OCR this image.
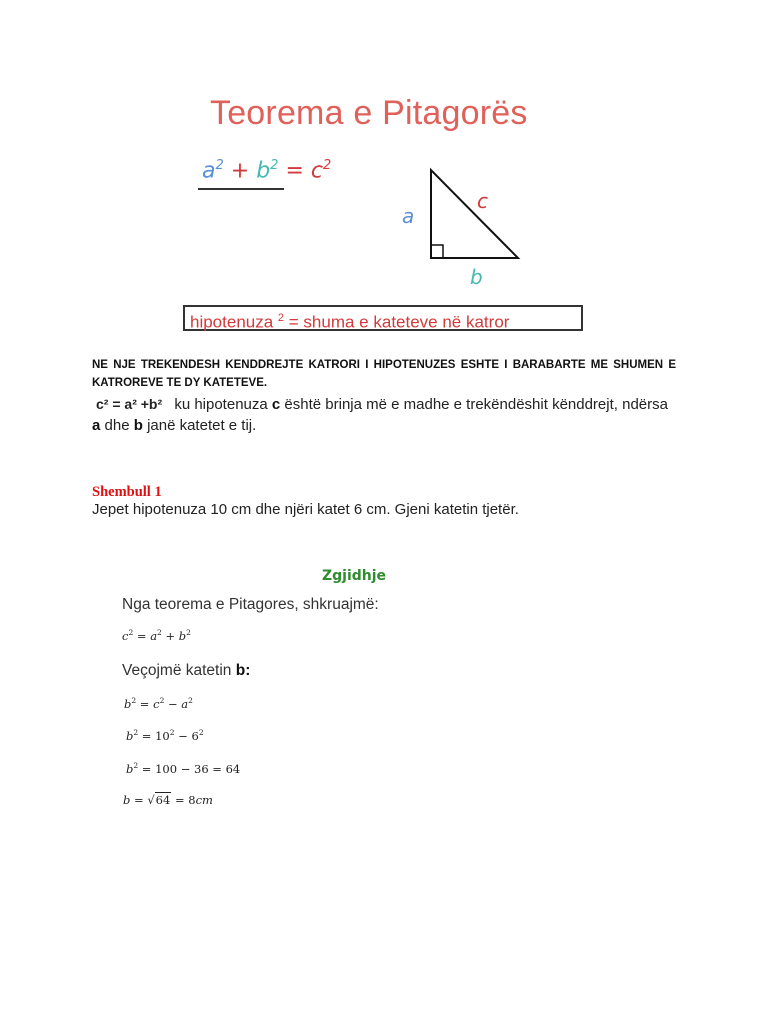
Teorema e Pitagorës
$a^2 + b^2 = c^2$
a
c
b
hipotenuza $^2$ = shuma e kateteve në katror
NE NJE TREKENDESH KENDDREJTE KATRORI I HIPOTENUZES ESHTE I BARABARTE ME SHUMEN E KATROREVE TE DY KATETEVE.
c² = a² +b² ku hipotenuza c është brinja më e madhe e trekëndëshit kënddrejt, ndërsa a dhe b janë katetet e tij.
Shembull 1
Jepet hipotenuza 10 cm dhe njëri katet 6 cm. Gjeni katetin tjetër.
Zgjidhje
Nga teorema e Pitagores, shkruajmë:
$c^2 = a^2 + b^2$
Veçojmë katetin b:
$b^2 = c^2 - a^2$
$b^2 = 10^2 - 6^2$
$b^2 = 100 - 36 = 64$
b = √64 = 8cm
